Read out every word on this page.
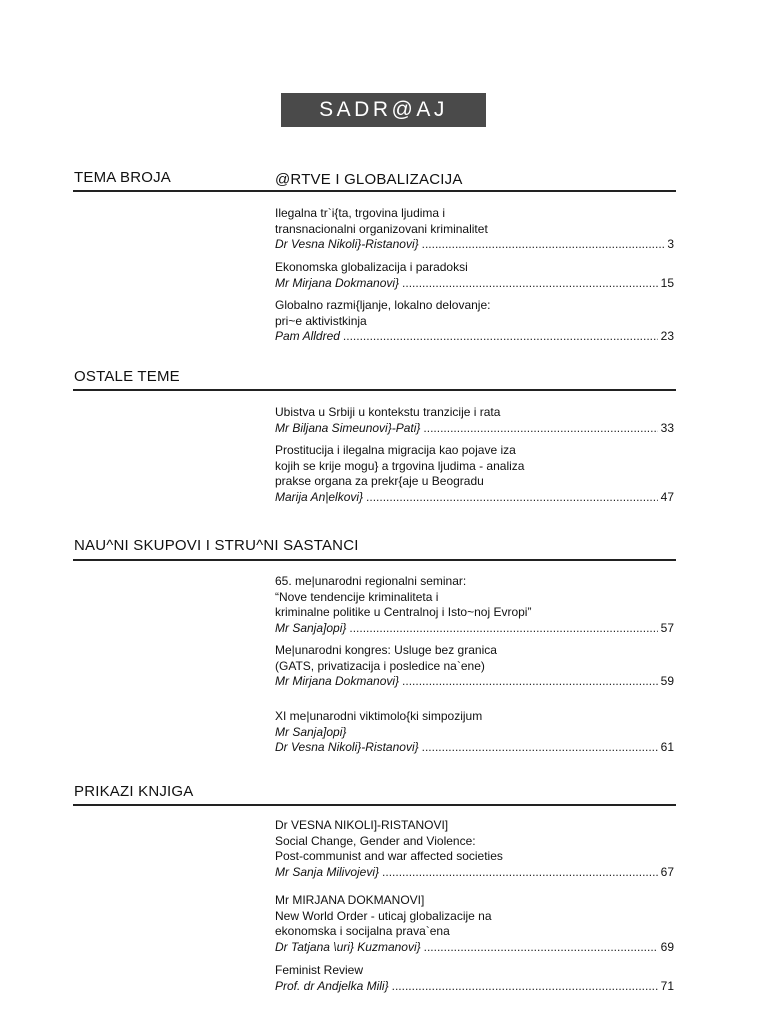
SADR@AJ
TEMA BROJA	@RTVE I GLOBALIZACIJA
Ilegalna tr`i{ta, trgovina ljudima i
transnacionalni organizovani kriminalitet
Dr Vesna Nikoli}-Ristanovi} .....	3
Ekonomska globalizacija i paradoksi
Mr Mirjana Dokmanovi} .....	15
Globalno razmi{ljanje, lokalno delovanje:
pri~e aktivistkinja
Pam Alldred .....	23
OSTALE TEME
Ubistva u Srbiji u kontekstu tranzicije i rata
Mr Biljana Simeunovi}-Pati} .....	33
Prostitucija i ilegalna migracija kao pojave iza
kojih se krije mogu} a trgovina ljudima - analiza
prakse organa za prekr{aje u Beogradu
Marija An|elkovi} .....	47
NAU^NI SKUPOVI I STRU^NI SASTANCI
65. me|unarodni regionalni seminar:
“Nove tendencije kriminaliteta i
kriminalne politike u Centralnoj i Isto~noj Evropi”
Mr Sanja]opi} .....	57
Me|unarodni kongres: Usluge bez granica
(GATS, privatizacija i posledice na`ene)
Mr Mirjana Dokmanovi} .....	59
XI me|unarodni viktimolo{ki simpozijum
Mr Sanja]opi}
Dr Vesna Nikoli}-Ristanovi} .....	61
PRIKAZI KNJIGA
Dr VESNA NIKOLI]-RISTANOVI]
Social Change, Gender and Violence:
Post-communist and war affected societies
Mr Sanja Milivojevi} .....	67
Mr MIRJANA DOKMANOVI]
New World Order - uticaj globalizacije na
ekonomska i socijalna prava`ena
Dr Tatjana \uri} Kuzmanovi} .....	69
Feminist Review
Prof. dr Andjelka Mili} .....	71
